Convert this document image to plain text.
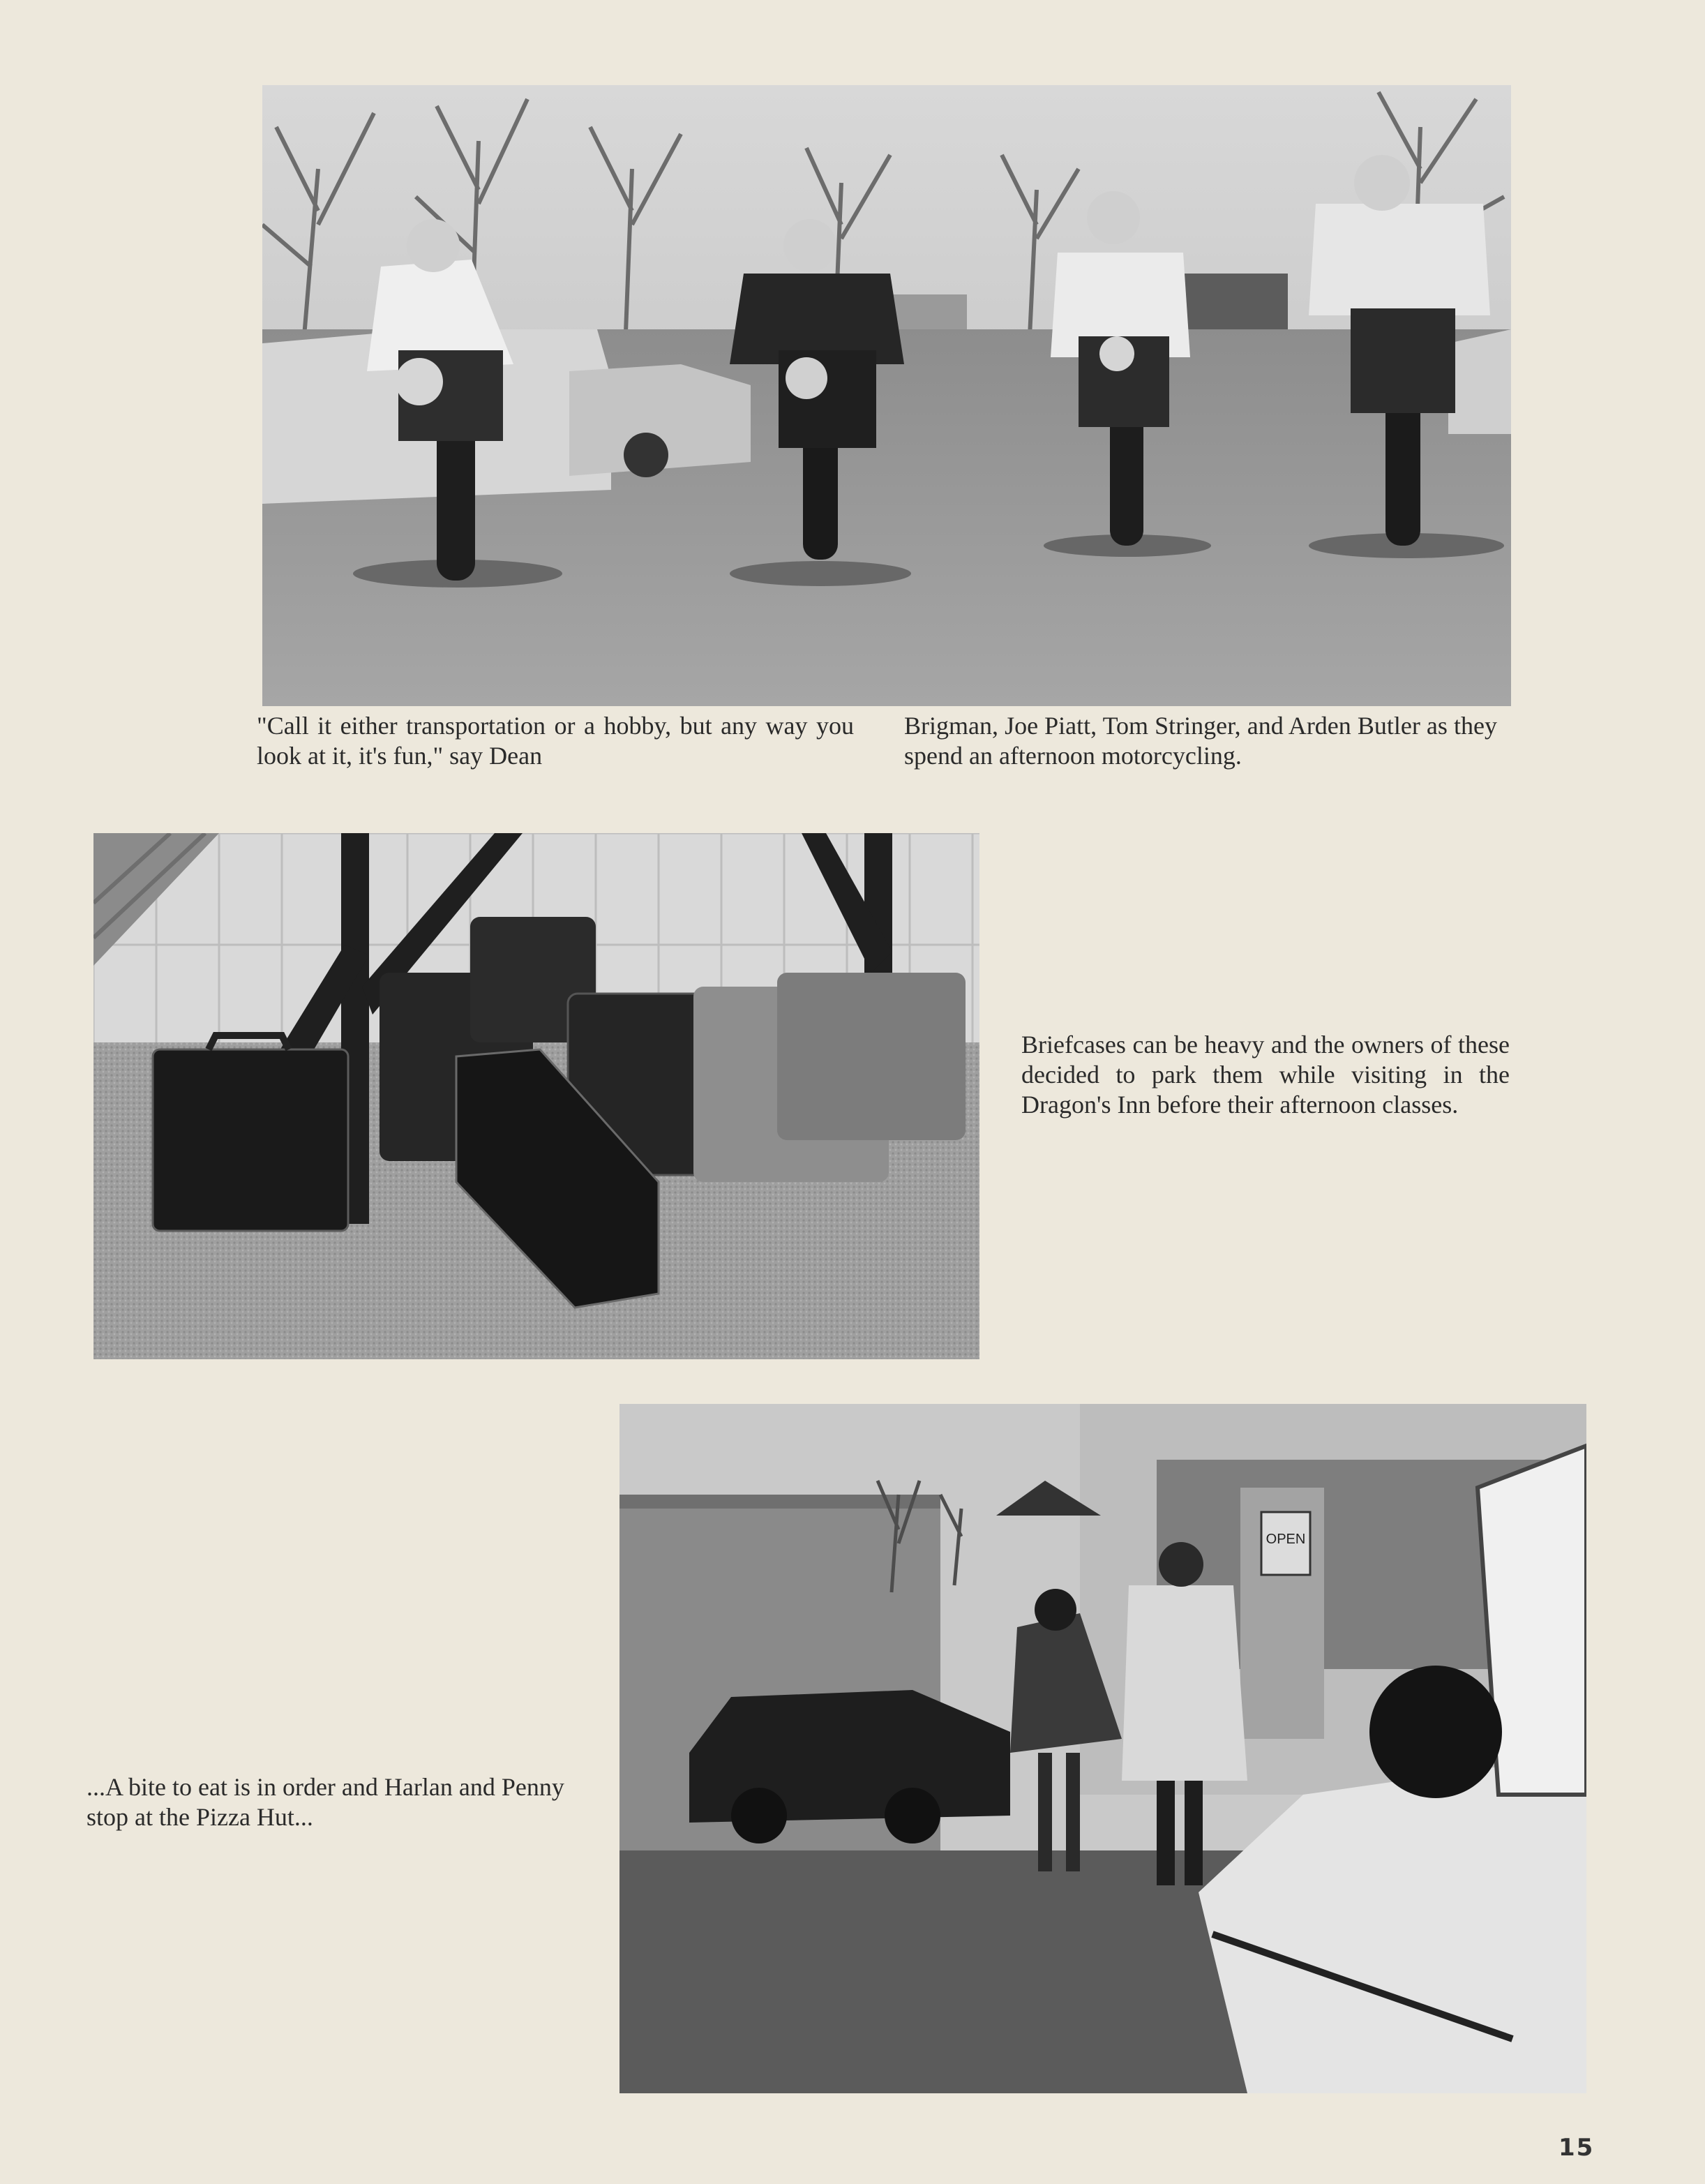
"Call it either transportation or a hobby, but any way you look at it, it's fun," say Dean
Brigman, Joe Piatt, Tom Stringer, and Arden Butler as they spend an afternoon motorcycling.
Briefcases can be heavy and the owners of these decided to park them while visiting in the Dragon's Inn before their afternoon classes.
OPEN
...A bite to eat is in order and Harlan and Penny stop at the Pizza Hut...
15
